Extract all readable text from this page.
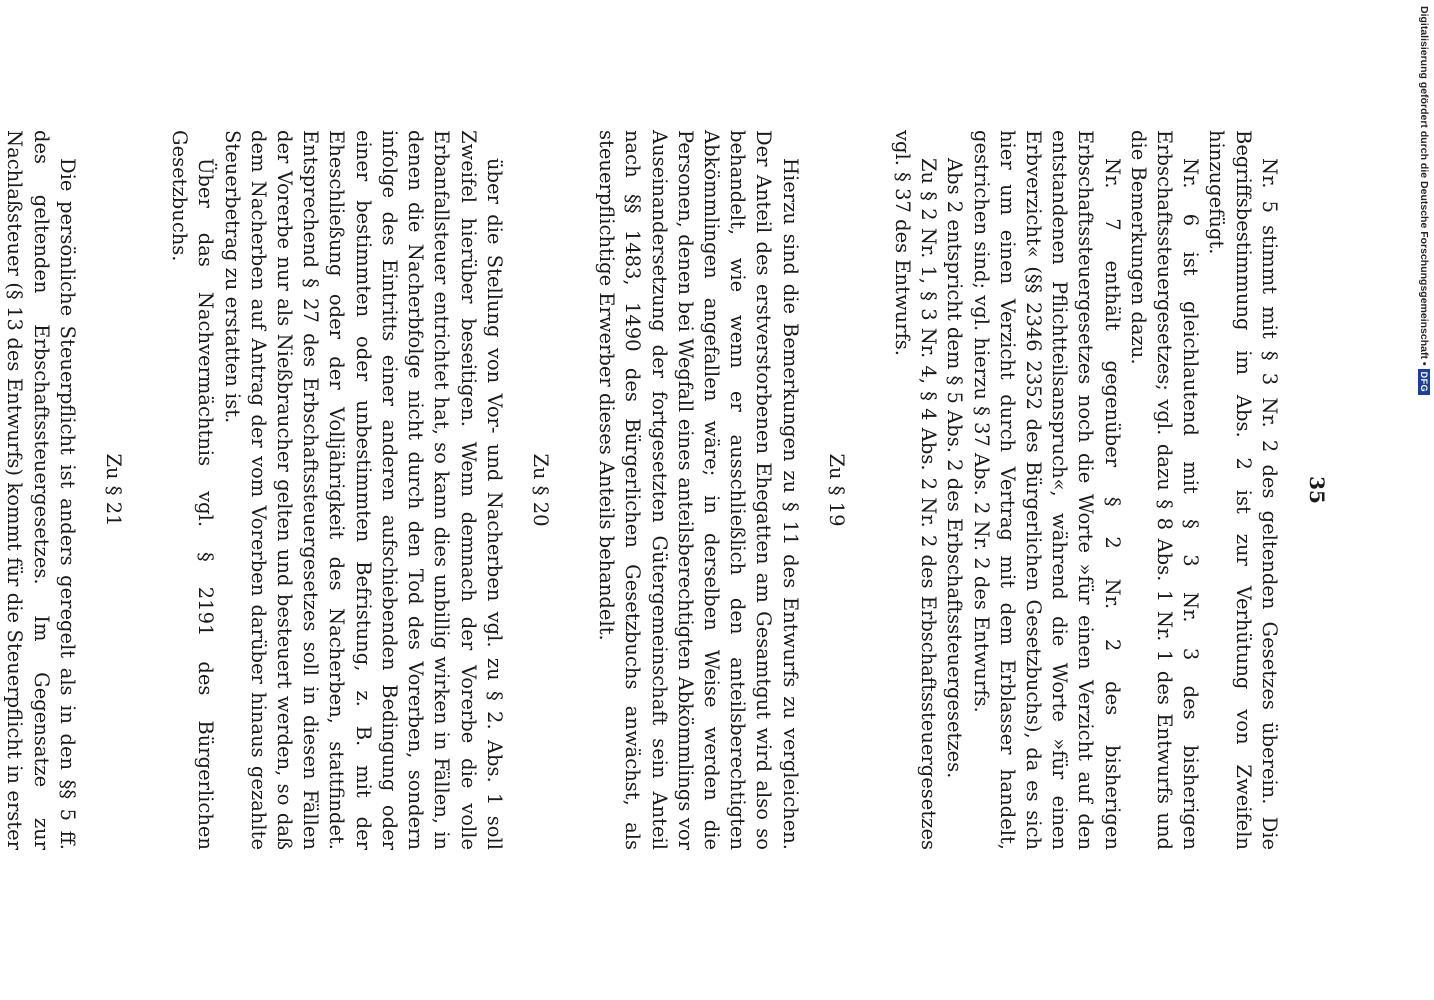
35

Nr. 5 stimmt mit § 3 Nr. 2 des geltenden Gesetzes überein. Die Begriffsbestimmung im Abs. 2 ist zur Verhütung von Zweifeln hinzugefügt.

Nr. 6 ist gleichlautend mit § 3 Nr. 3 des bisherigen Erbschaftssteuergesetzes; vgl. dazu § 8 Abs. 1 Nr. 1 des Entwurfs und die Bemerkungen dazu.

Nr. 7 enthält gegenüber § 2 Nr. 2 des bisherigen Erbschaftssteuergesetzes noch die Worte »für einen Verzicht auf den entstandenen Pflichtteilsanspruch«, während die Worte »für einen Erbverzicht« (§§ 2346 2352 des Bürgerlichen Gesetzbuchs), da es sich hier um einen Verzicht durch Vertrag mit dem Erblasser handelt, gestrichen sind; vgl. hierzu § 37 Abs. 2 Nr. 2 des Entwurfs.

Abs 2 entspricht dem § 5 Abs. 2 des Erbschaftssteuergesetzes.

Zu § 2 Nr. 1, § 3 Nr. 4, § 4 Abs. 2 Nr. 2 des Erbschaftssteuergesetzes vgl. § 37 des Entwurfs.

Zu § 19

Hierzu sind die Bemerkungen zu § 11 des Entwurfs zu vergleichen. Der Anteil des erstverstorbenen Ehegatten am Gesamtgut wird also so behandelt, wie wenn er ausschließlich den anteilsberechtigten Abkömmlingen angefallen wäre; in derselben Weise werden die Personen, denen bei Wegfall eines anteilsberechtigten Abkömmlings vor Auseinandersetzung der fortgesetzten Gütergemeinschaft sein Anteil nach §§ 1483, 1490 des Bürgerlichen Gesetzbuchs anwächst, als steuerpflichtige Erwerber dieses Anteils behandelt.

Zu § 20

über die Stellung von Vor- und Nacherben vgl. zu § 2. Abs. 1 soll Zweifel hierüber beseitigen. Wenn demnach der Vorerbe die volle Erbanfallsteuer entrichtet hat, so kann dies unbillig wirken in Fällen, in denen die Nacherbfolge nicht durch den Tod des Vorerben, sondern infolge des Eintritts einer anderen aufschiebenden Bedingung oder einer bestimmten oder unbestimmten Befristung, z. B. mit der Eheschließung oder der Volljährigkeit des Nacherben, stattfindet. Entsprechend § 27 des Erbschaftssteuergesetzes soll in diesen Fällen der Vorerbe nur als Nießbraucher gelten und besteuert werden, so daß dem Nacherben auf Antrag der vom Vorerben darüber hinaus gezahlte Steuerbetrag zu erstatten ist.

Über das Nachvermächtnis vgl. § 2191 des Bürgerlichen Gesetzbuchs.

Zu § 21

Die persönliche Steuerpflicht ist anders geregelt als in den §§ 5 ff. des geltenden Erbschaftssteuergesetzes. Im Gegensatze zur Nachlaßsteuer (§ 13 des Entwurfs) kommt für die Steuerpflicht in erster

Digitalisierung gefördert durch die Deutsche Forschungsgemeinschaft •
DFG
